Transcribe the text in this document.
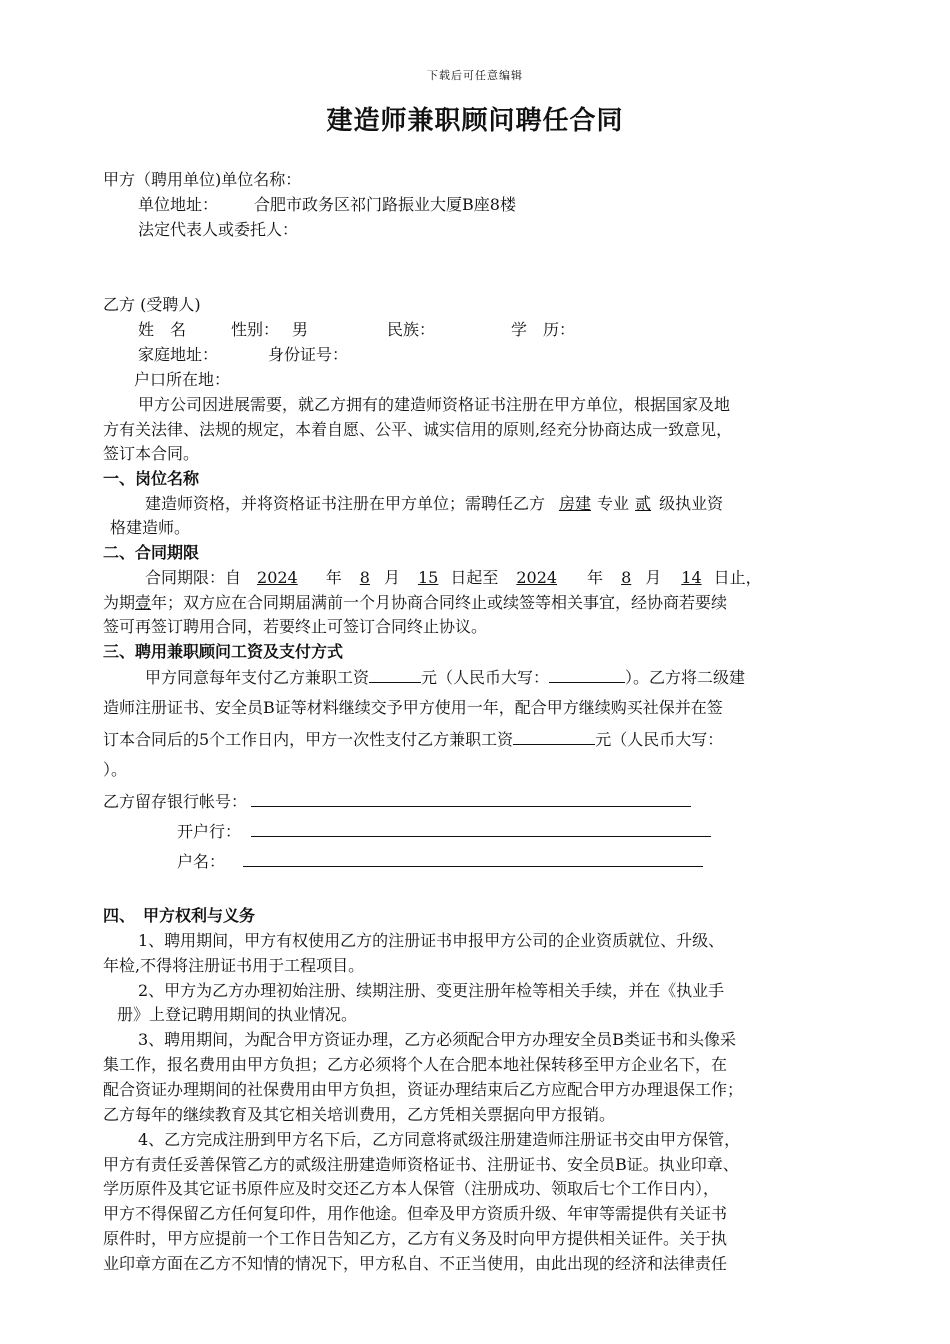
下载后可任意编辑
建造师兼职顾问聘任合同
甲方（聘用单位)单位名称：
单位地址： 合肥市政务区祁门路振业大厦B座8楼
法定代表人或委托人：
乙方 (受聘人)
姓　名	性别： 男	民族：	学　历：
家庭地址：	身份证号：
户口所在地：
甲方公司因进展需要，就乙方拥有的建造师资格证书注册在甲方单位，根据国家及地
方有关法律、法规的规定，本着自愿、公平、诚实信用的原则,经充分协商达成一致意见，
签订本合同。
一、岗位名称
建造师资格，并将资格证书注册在甲方单位；需聘任乙方 房建 专业 贰 级执业资
格建造师。
二、合同期限
合同期限：自 2024 年 8 月 15 日起至 2024 年 8 月 14 日止，
为期壹年；双方应在合同期届满前一个月协商合同终止或续签等相关事宜，经协商若要续
签可再签订聘用合同，若要终止可签订合同终止协议。
三、聘用兼职顾问工资及支付方式
甲方同意每年支付乙方兼职工资	元（人民币大写：	）。乙方将二级建
造师注册证书、安全员B证等材料继续交予甲方使用一年，配合甲方继续购买社保并在签
订本合同后的5个工作日内，甲方一次性支付乙方兼职工资	元（人民币大写：
）。
乙方留存银行帐号：
开户行：
户名：
四、　甲方权利与义务
1、聘用期间，甲方有权使用乙方的注册证书申报甲方公司的企业资质就位、升级、
年检,不得将注册证书用于工程项目。
2、甲方为乙方办理初始注册、续期注册、变更注册年检等相关手续，并在《执业手
册》上登记聘用期间的执业情况。
3、聘用期间，为配合甲方资证办理，乙方必须配合甲方办理安全员B类证书和头像采
集工作，报名费用由甲方负担；乙方必须将个人在合肥本地社保转移至甲方企业名下，在
配合资证办理期间的社保费用由甲方负担，资证办理结束后乙方应配合甲方办理退保工作；
乙方每年的继续教育及其它相关培训费用，乙方凭相关票据向甲方报销。
4、乙方完成注册到甲方名下后，乙方同意将贰级注册建造师注册证书交由甲方保管，
甲方有责任妥善保管乙方的贰级注册建造师资格证书、注册证书、安全员B证。执业印章、
学历原件及其它证书原件应及时交还乙方本人保管（注册成功、领取后七个工作日内），
甲方不得保留乙方任何复印件，用作他途。但牵及甲方资质升级、年审等需提供有关证书
原件时，甲方应提前一个工作日告知乙方，乙方有义务及时向甲方提供相关证件。关于执
业印章方面在乙方不知情的情况下，甲方私自、不正当使用，由此出现的经济和法律责任
